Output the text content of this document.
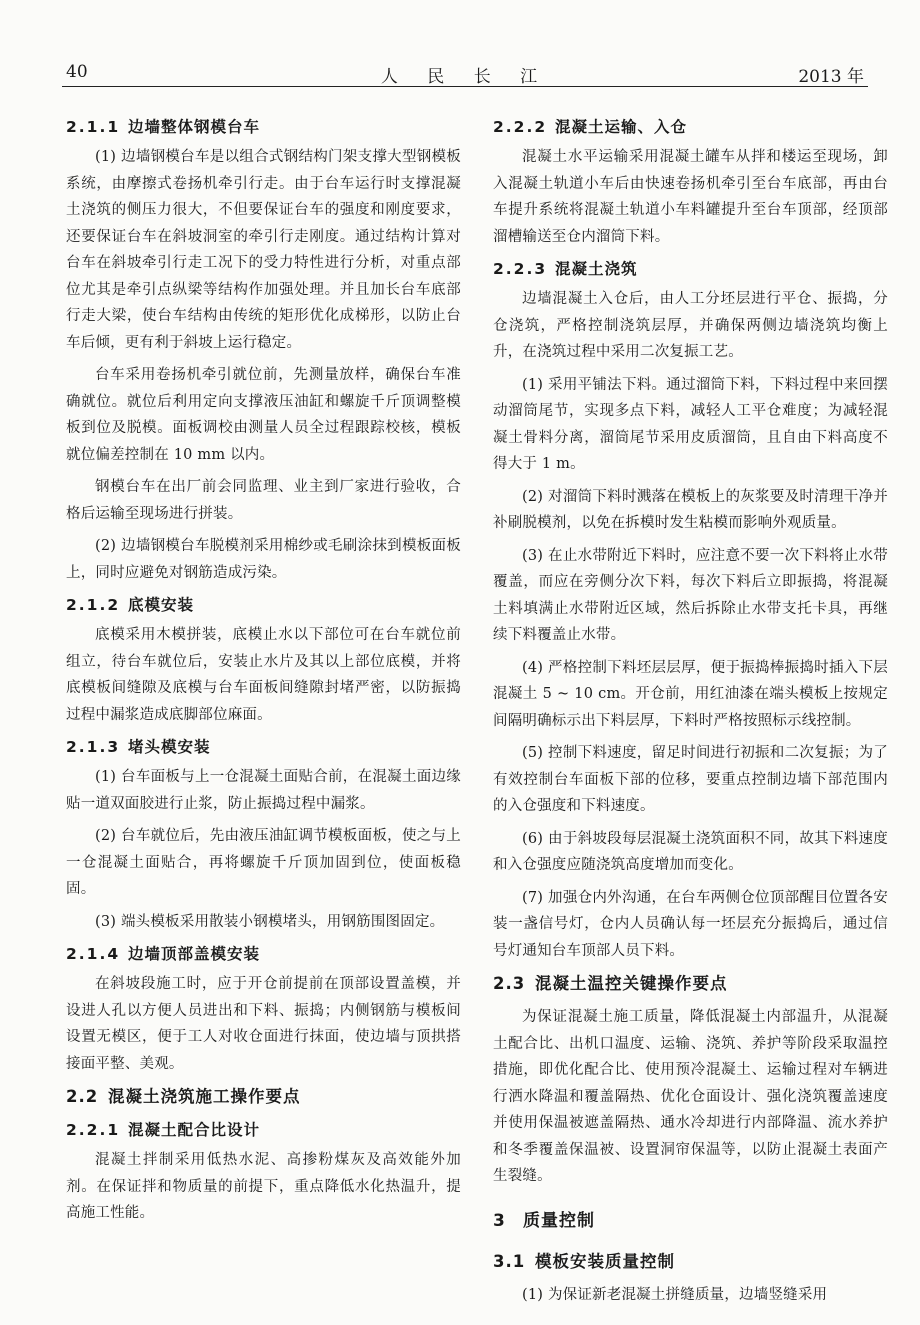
40	人 民 长 江	2013 年
2.1.1 边墙整体钢模台车

(1) 边墙钢模台车是以组合式钢结构门架支撑大型钢模板系统，由摩擦式卷扬机牵引行走。由于台车运行时支撑混凝土浇筑的侧压力很大，不但要保证台车的强度和刚度要求，还要保证台车在斜坡洞室的牵引行走刚度。通过结构计算对台车在斜坡牵引行走工况下的受力特性进行分析，对重点部位尤其是牵引点纵梁等结构作加强处理。并且加长台车底部行走大梁，使台车结构由传统的矩形优化成梯形，以防止台车后倾，更有利于斜坡上运行稳定。

台车采用卷扬机牵引就位前，先测量放样，确保台车准确就位。就位后利用定向支撑液压油缸和螺旋千斤顶调整模板到位及脱模。面板调校由测量人员全过程跟踪校核，模板就位偏差控制在 10 mm 以内。

钢模台车在出厂前会同监理、业主到厂家进行验收，合格后运输至现场进行拼装。

(2) 边墙钢模台车脱模剂采用棉纱或毛刷涂抹到模板面板上，同时应避免对钢筋造成污染。

2.1.2 底模安装

底模采用木模拼装，底模止水以下部位可在台车就位前组立，待台车就位后，安装止水片及其以上部位底模，并将底模板间缝隙及底模与台车面板间缝隙封堵严密，以防振捣过程中漏浆造成底脚部位麻面。

2.1.3 堵头模安装

(1) 台车面板与上一仓混凝土面贴合前，在混凝土面边缘贴一道双面胶进行止浆，防止振捣过程中漏浆。

(2) 台车就位后，先由液压油缸调节模板面板，使之与上一仓混凝土面贴合，再将螺旋千斤顶加固到位，使面板稳固。

(3) 端头模板采用散装小钢模堵头，用钢筋围图固定。

2.1.4 边墙顶部盖模安装

在斜坡段施工时，应于开仓前提前在顶部设置盖模，并设进人孔以方便人员进出和下料、振捣；内侧钢筋与模板间设置无模区，便于工人对收仓面进行抹面，使边墙与顶拱搭接面平整、美观。

2.2 混凝土浇筑施工操作要点
2.2.1 混凝土配合比设计

混凝土拌制采用低热水泥、高掺粉煤灰及高效能外加剂。在保证拌和物质量的前提下，重点降低水化热温升，提高施工性能。

2.2.2 混凝土运输、入仓

混凝土水平运输采用混凝土罐车从拌和楼运至现场，卸入混凝土轨道小车后由快速卷扬机牵引至台车底部，再由台车提升系统将混凝土轨道小车料罐提升至台车顶部，经顶部溜槽输送至仓内溜筒下料。

2.2.3 混凝土浇筑

边墙混凝土入仓后，由人工分坯层进行平仓、振捣，分仓浇筑，严格控制浇筑层厚，并确保两侧边墙浇筑均衡上升，在浇筑过程中采用二次复振工艺。

(1) 采用平铺法下料。通过溜筒下料，下料过程中来回摆动溜筒尾节，实现多点下料，减轻人工平仓难度；为减轻混凝土骨料分离，溜筒尾节采用皮质溜筒，且自由下料高度不得大于 1 m。

(2) 对溜筒下料时溅落在模板上的灰浆要及时清理干净并补刷脱模剂，以免在拆模时发生粘模而影响外观质量。

(3) 在止水带附近下料时，应注意不要一次下料将止水带覆盖，而应在旁侧分次下料，每次下料后立即振捣，将混凝土料填满止水带附近区域，然后拆除止水带支托卡具，再继续下料覆盖止水带。

(4) 严格控制下料坯层层厚，便于振捣棒振捣时插入下层混凝土 5 ~ 10 cm。开仓前，用红油漆在端头模板上按规定间隔明确标示出下料层厚，下料时严格按照标示线控制。

(5) 控制下料速度，留足时间进行初振和二次复振；为了有效控制台车面板下部的位移，要重点控制边墙下部范围内的入仓强度和下料速度。

(6) 由于斜坡段每层混凝土浇筑面积不同，故其下料速度和入仓强度应随浇筑高度增加而变化。

(7) 加强仓内外沟通，在台车两侧仓位顶部醒目位置各安装一盏信号灯，仓内人员确认每一坯层充分振捣后，通过信号灯通知台车顶部人员下料。

2.3 混凝土温控关键操作要点

为保证混凝土施工质量，降低混凝土内部温升，从混凝土配合比、出机口温度、运输、浇筑、养护等阶段采取温控措施，即优化配合比、使用预冷混凝土、运输过程对车辆进行洒水降温和覆盖隔热、优化仓面设计、强化浇筑覆盖速度并使用保温被遮盖隔热、通水冷却进行内部降温、流水养护和冬季覆盖保温被、设置洞帘保温等，以防止混凝土表面产生裂缝。

3 质量控制
3.1 模板安装质量控制

(1) 为保证新老混凝土拼缝质量，边墙竖缝采用
